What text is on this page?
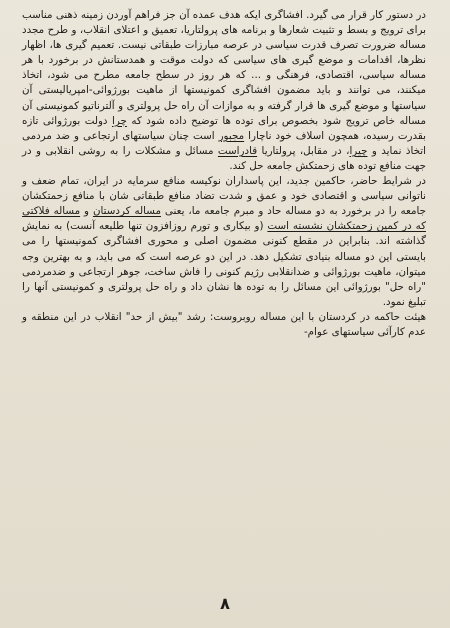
در دستور کار قرار می گیرد. افشاگری ایکه هدف عمده آن جز فراهم آوردن زمینه ذهنی مناسب برای ترویج و بسط و تثبیت شعارها و برنامه های پرولتاریا، تعمیق و اعتلای انقلاب، و طرح مجدد مساله ضرورت تصرف قدرت سیاسی در عرصه مبارزات طبقاتی نیست. تعمیم گیری ها، اظهار نظرها، اقدامات و موضع گیری های سیاسی که دولت موقت و همدستانش در برخورد با هر مساله سیاسی، اقتصادی، فرهنگی و ... که هر روز در سطح جامعه مطرح می شود، اتخاذ میکنند، می توانند و باید مضمون افشاگری کمونیستها از ماهیت بورژوائی-امپریالیستی آن سیاستها و موضع گیری ها قرار گرفته و به موازات آن راه حل پرولتری و آلترناتیو کمونیستی آن مساله خاص ترویج شود بخصوص برای توده ها توضیح داده شود که چرا دولت بورژوائی تازه بقدرت رسیده، همچون اسلاف خود ناچارا مجبور است چنان سیاستهای ارتجاعی و ضد مردمی اتخاذ نماید و چیرا، در مقابل، پرولتاریا قادراست مسائل و مشکلات را به روشی انقلابی و در جهت منافع توده های زحمتکش جامعه حل کند.

در شرایط حاضر، حاکمین جدید، این پاسداران نوکیسه منافع سرمایه در ایران، تمام ضعف و ناتوانی سیاسی و اقتصادی خود و عمق و شدت تضاد منافع طبقاتی شان با منافع زحمتکشان جامعه را در برخورد به دو مساله حاد و مبرم جامعه ما، یعنی مساله کردستان و مساله فلاکتی که در کمین زحمتکشان نشسته است (و بیکاری و تورم روزافزون تنها طلیعه آنست) به نمایش گذاشته اند. بنابراین در مقطع کنونی مضمون اصلی و محوری افشاگری کمونیستها را می بایستی این دو مساله بنیادی تشکیل دهد. در این دو عرصه است که می باید، و به بهترین وجه میتوان، ماهیت بورژوائی و ضدانقلابی رژیم کنونی را فاش ساخت، جوهر ارتجاعی و ضدمردمی "راه حل" بورژوائی این مسائل را به توده ها نشان داد و راه حل پرولتری و کمونیستی آنها را تبلیغ نمود.

هیئت حاکمه در کردستان با این مساله روبروست: رشد "بیش از حد" انقلاب در این منطقه و عدم کارآئی سیاستهای عوام-

۸
